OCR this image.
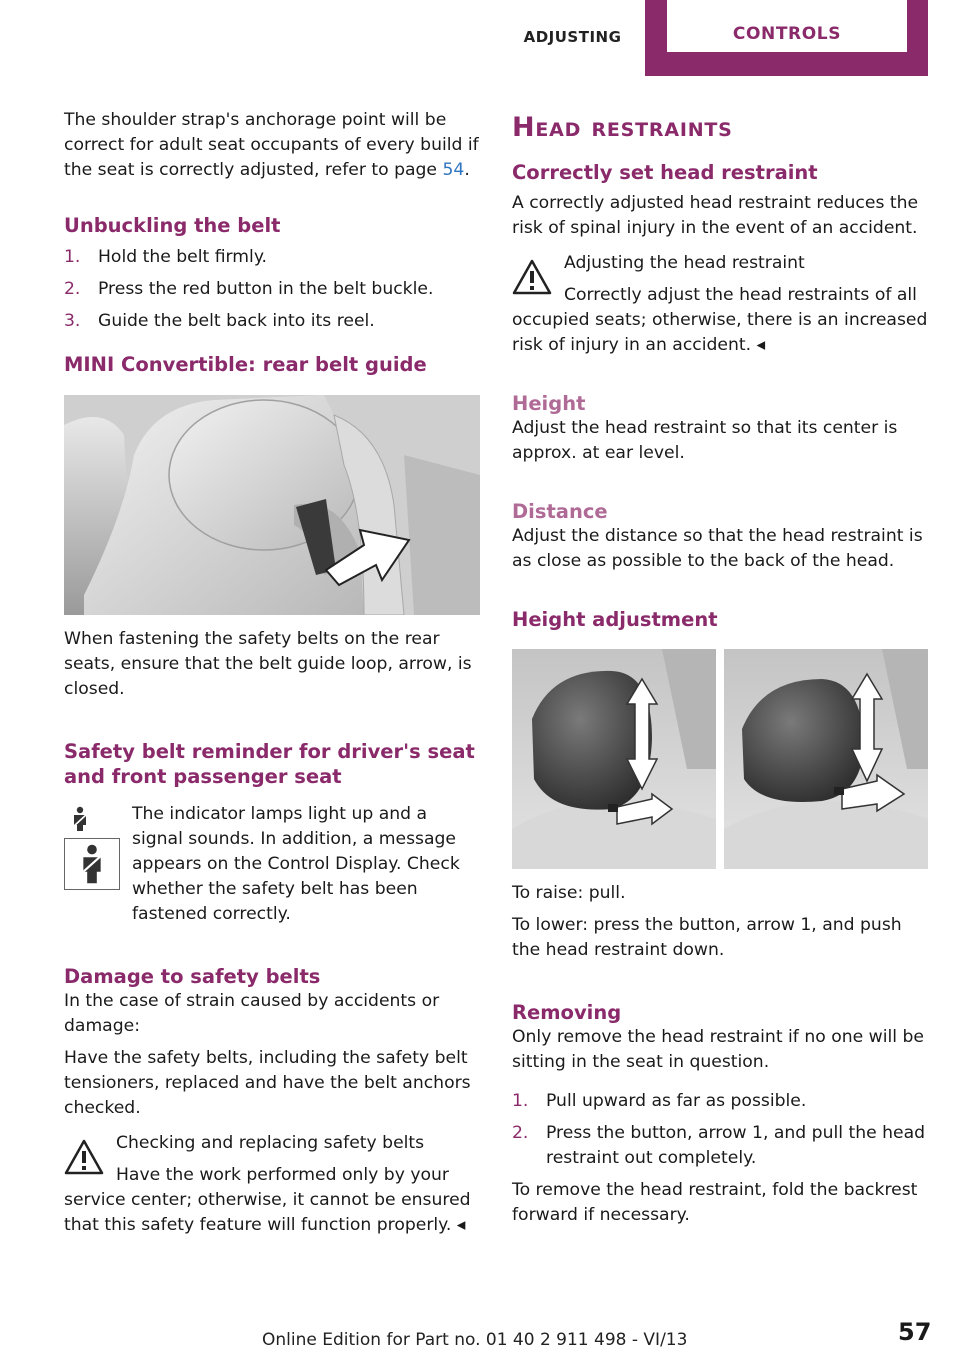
ADJUSTING	CONTROLS

The shoulder strap's anchorage point will be correct for adult seat occupants of every build if the seat is correctly adjusted, refer to page 54.

Unbuckling the belt
1.	Hold the belt firmly.
2.	Press the red button in the belt buckle.
3.	Guide the belt back into its reel.
MINI Convertible: rear belt guide

When fastening the safety belts on the rear seats, ensure that the belt guide loop, arrow, is closed.

Safety belt reminder for driver's seat and front passenger seat
The indicator lamps light up and a signal sounds. In addition, a message appears on the Control Display. Check whether the safety belt has been fastened correctly.
Damage to safety belts

In the case of strain caused by accidents or damage:

Have the safety belts, including the safety belt tensioners, replaced and have the belt anchors checked.

Checking and replacing safety belts
Have the work performed only by your service center; otherwise, it cannot be ensured that this safety feature will function properly. ◂
Head restraints
Correctly set head restraint

A correctly adjusted head restraint reduces the risk of spinal injury in the event of an accident.

Adjusting the head restraint
Correctly adjust the head restraints of all occupied seats; otherwise, there is an increased risk of injury in an accident. ◂
Height

Adjust the head restraint so that its center is approx. at ear level.

Distance

Adjust the distance so that the head restraint is as close as possible to the back of the head.

Height adjustment

To raise: pull.

To lower: press the button, arrow 1, and push the head restraint down.

Removing

Only remove the head restraint if no one will be sitting in the seat in question.

1.	Pull upward as far as possible.
2.	Press the button, arrow 1, and pull the head restraint out completely.

To remove the head restraint, fold the backrest forward if necessary.

Online Edition for Part no. 01 40 2 911 498 - VI/13	57
